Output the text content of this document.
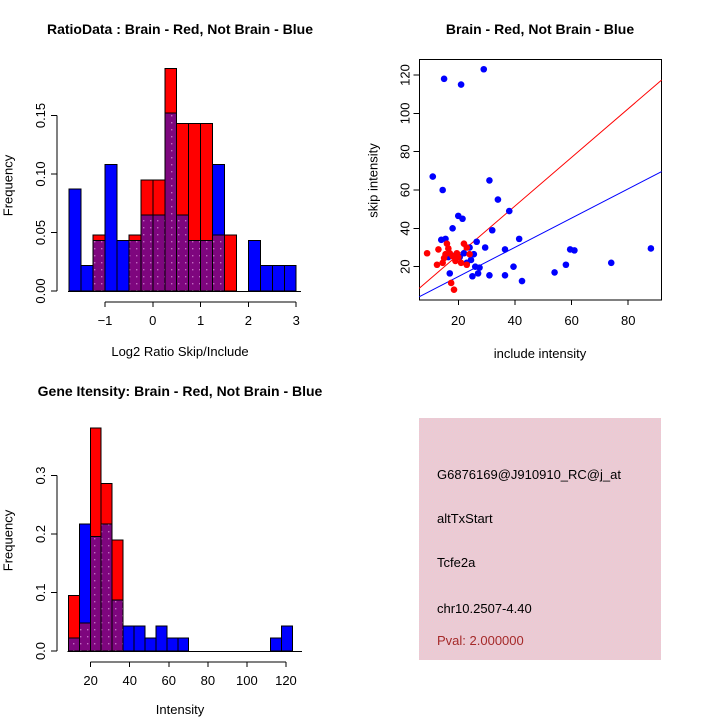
−1	0	1	2	3
0.00
0.05
0.10
0.15
RatioData : Brain - Red, Not Brain - Blue
Log2 Ratio Skip/Include
Frequency
20	40	60	80
20
40
60
80
100
120
Brain - Red, Not Brain - Blue
include intensity
skip intensity
20 40 60 80 100 120
0.0
0.1
0.2
0.3
Gene Itensity: Brain - Red, Not Brain - Blue
Intensity
Frequency
G6876169@J910910_RC@j_at
altTxStart
Tcfe2a
chr10.2507-4.40
Pval: 2.000000
